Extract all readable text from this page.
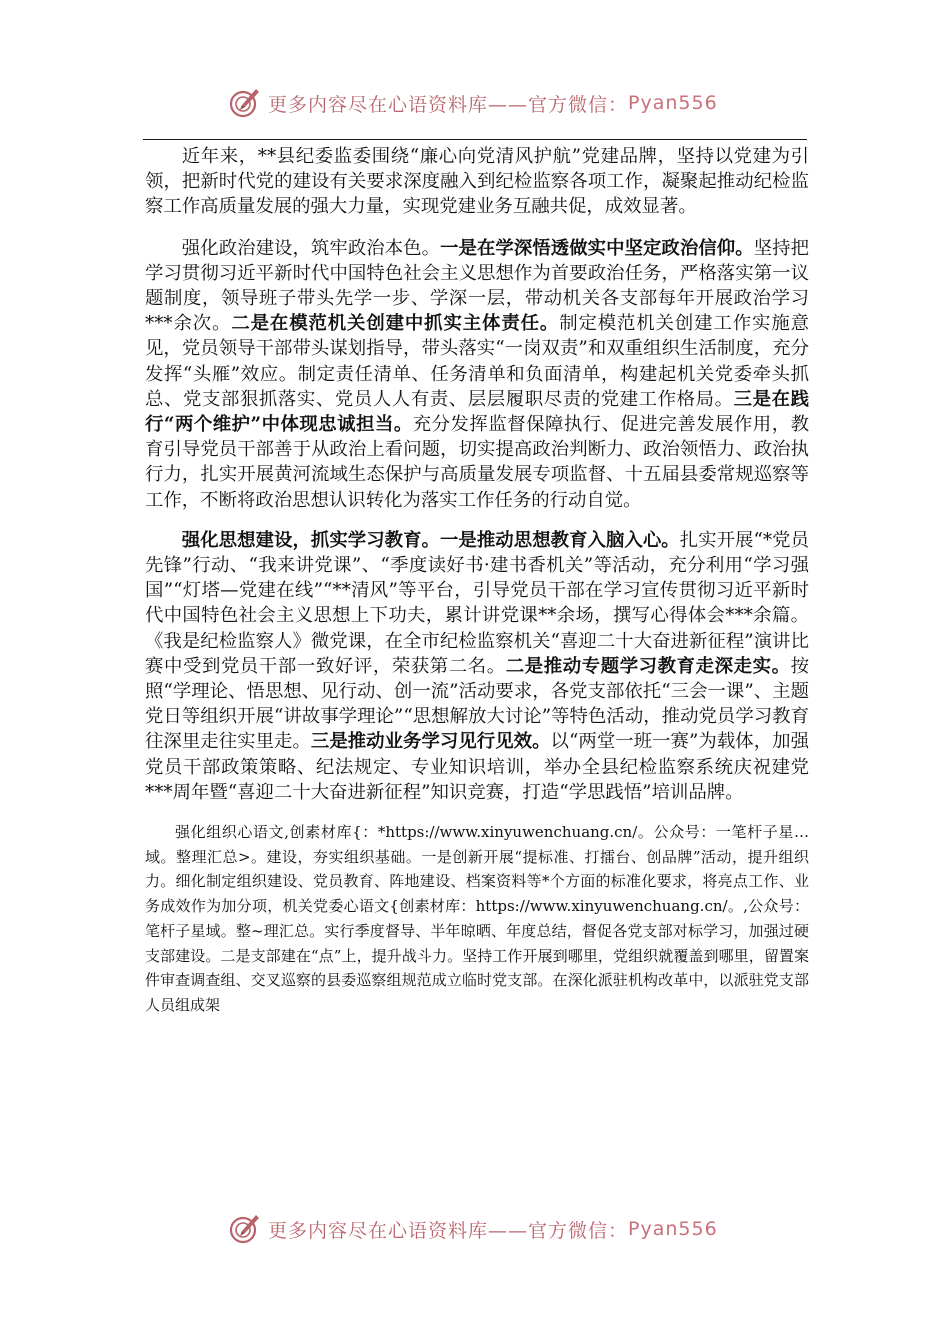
更多内容尽在心语资料库——官方微信： Pyan556

近年来，**县纪委监委围绕“廉心向党清风护航”党建品牌，坚持以党建为引领，把新时代党的建设有关要求深度融入到纪检监察各项工作，凝聚起推动纪检监察工作高质量发展的强大力量，实现党建业务互融共促，成效显著。

强化政治建设，筑牢政治本色。一是在学深悟透做实中坚定政治信仰。坚持把学习贯彻习近平新时代中国特色社会主义思想作为首要政治任务，严格落实第一议题制度，领导班子带头先学一步、学深一层，带动机关各支部每年开展政治学习***余次。二是在模范机关创建中抓实主体责任。制定模范机关创建工作实施意见，党员领导干部带头谋划指导，带头落实“一岗双责”和双重组织生活制度，充分发挥“头雁”效应。制定责任清单、任务清单和负面清单，构建起机关党委牵头抓总、党支部狠抓落实、党员人人有责、层层履职尽责的党建工作格局。三是在践行“两个维护”中体现忠诚担当。充分发挥监督保障执行、促进完善发展作用，教育引导党员干部善于从政治上看问题，切实提高政治判断力、政治领悟力、政治执行力，扎实开展黄河流域生态保护与高质量发展专项监督、十五届县委常规巡察等工作，不断将政治思想认识转化为落实工作任务的行动自觉。

强化思想建设，抓实学习教育。一是推动思想教育入脑入心。扎实开展“*党员先锋”行动、“我来讲党课”、“季度读好书·建书香机关”等活动，充分利用“学习强国”“灯塔—党建在线”“**清风”等平台，引导党员干部在学习宣传贯彻习近平新时代中国特色社会主义思想上下功夫，累计讲党课**余场，撰写心得体会***余篇。《我是纪检监察人》微党课，在全市纪检监察机关“喜迎二十大奋进新征程”演讲比赛中受到党员干部一致好评，荣获第二名。二是推动专题学习教育走深走实。按照“学理论、悟思想、见行动、创一流”活动要求，各党支部依托“三会一课”、主题党日等组织开展“讲故事学理论”“思想解放大讨论”等特色活动，推动党员学习教育往深里走往实里走。三是推动业务学习见行见效。以“两堂一班一赛”为载体，加强党员干部政策策略、纪法规定、专业知识培训，举办全县纪检监察系统庆祝建党***周年暨“喜迎二十大奋进新征程”知识竞赛，打造“学思践悟”培训品牌。

强化组织心语文,创素材库{：*https://www.xinyuwenchuang.cn/。公众号：一笔杆子星…域。整理汇总>。建设，夯实组织基础。一是创新开展“提标准、打擂台、创品牌”活动，提升组织力。细化制定组织建设、党员教育、阵地建设、档案资料等*个方面的标准化要求，将亮点工作、业务成效作为加分项，机关党委心语文{创素材库：https://www.xinyuwenchuang.cn/。,公众号：笔杆子星域。整~理汇总。实行季度督导、半年晾晒、年度总结，督促各党支部对标学习，加强过硬支部建设。二是支部建在“点”上，提升战斗力。坚持工作开展到哪里，党组织就覆盖到哪里，留置案件审查调查组、交叉巡察的县委巡察组规范成立临时党支部。在深化派驻机构改革中，以派驻党支部人员组成架

更多内容尽在心语资料库——官方微信： Pyan556
